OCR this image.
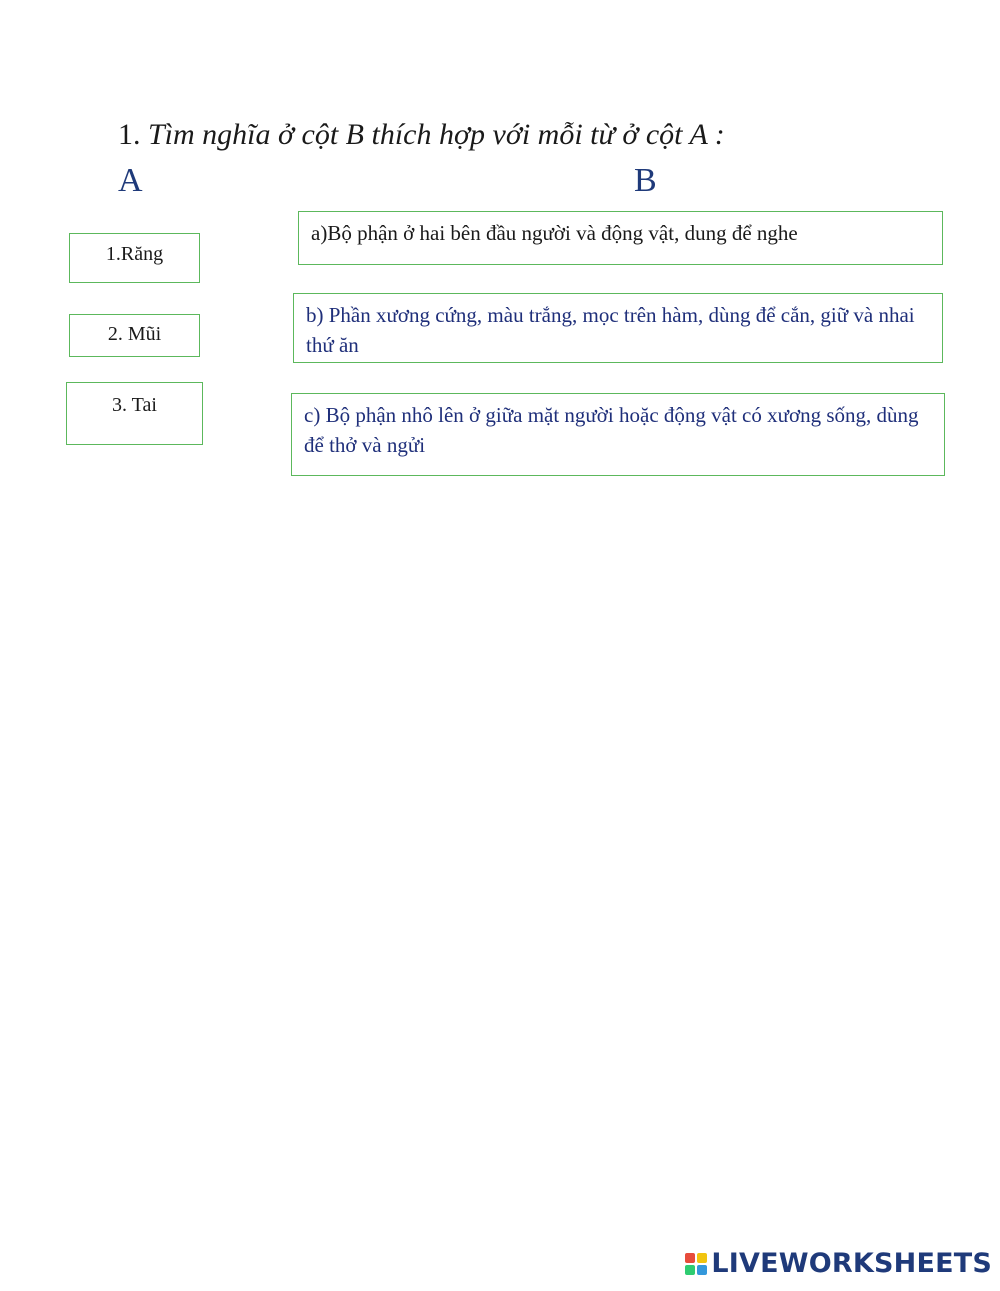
1. Tìm nghĩa ở cột B thích hợp với mỗi từ ở cột A :
A	B
1.Răng
2. Mũi
3. Tai
a)Bộ phận ở hai bên đầu người và động vật, dung để nghe
b) Phần xương cứng, màu trắng, mọc trên hàm, dùng để cắn, giữ và nhai thứ ăn
c) Bộ phận nhô lên ở giữa mặt người hoặc động vật có xương sống, dùng để thở và ngửi
LIVEWORKSHEETS
